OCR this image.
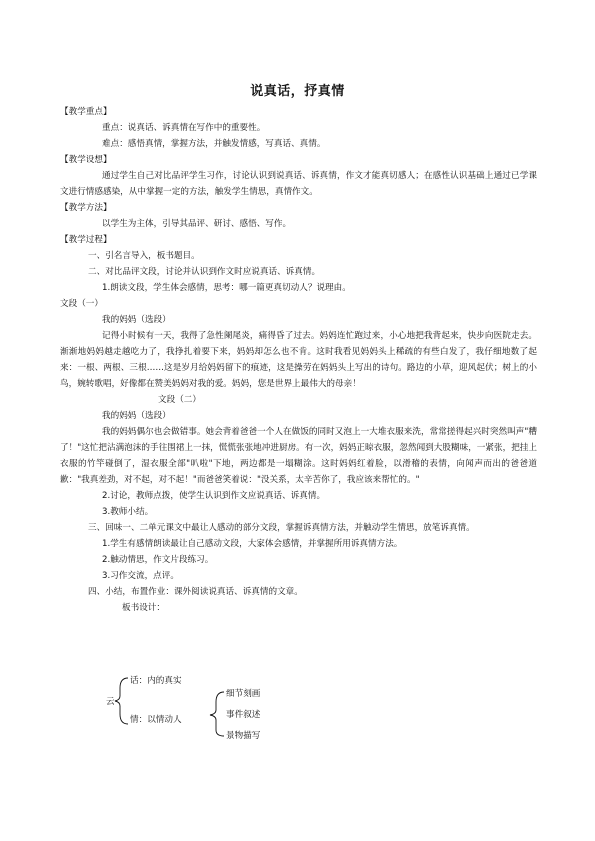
说真话，抒真情

【教学重点】

重点：说真话、诉真情在写作中的重要性。

难点：感悟真情，掌握方法，并触发情感，写真话、真情。

【教学设想】

通过学生自己对比品评学生习作，讨论认识到说真话、诉真情，作文才能真切感人；在感性认识基础上通过已学课文进行情感感染，从中掌握一定的方法，触发学生情思，真情作文。

【教学方法】

以学生为主体，引导其品评、研讨、感悟、写作。

【教学过程】

一、引名言导入，板书题目。

二、对比品评文段，讨论并认识到作文时应说真话、诉真情。

1.朗读文段，学生体会感情，思考：哪一篇更真切动人？说理由。

文段（一）

我的妈妈（选段）

记得小时候有一天，我得了急性阑尾炎，痛得昏了过去。妈妈连忙跑过来，小心地把我背起来，快步向医院走去。渐渐地妈妈越走越吃力了，我挣扎着要下来，妈妈却怎么也不肯。这时我看见妈妈头上稀疏的有些白发了，我仔细地数了起来：一根、两根、三根……这是岁月给妈妈留下的痕迹，这是操劳在妈妈头上写出的诗句。路边的小草，迎风起伏；树上的小鸟，婉转歌唱，好像都在赞美妈妈对我的爱。妈妈，您是世界上最伟大的母亲！

文段（二）

我的妈妈（选段）

我的妈妈偶尔也会做错事。她会背着爸爸一个人在做饭的同时又泡上一大堆衣服来洗，常常搓得起兴时突然叫声"糟了！"这忙把沾满泡沫的手往围裙上一抹，慌慌张张地冲进厨房。有一次，妈妈正晾衣服，忽然闻到大股糊味，一紧张，把挂上衣服的竹竿碰倒了，湿衣服全部"叭啦"下地，两边都是一塌糊涂。这时妈妈红着脸，以滑稽的表情，向闻声而出的爸爸道歉："我真差劲，对不起，对不起！"而爸爸笑着说："没关系，太辛苦你了，我应该来帮忙的。"

2.讨论，教师点拨，使学生认识到作文应说真话、诉真情。

3.教师小结。

三、回味一、二单元课文中最让人感动的部分文段，掌握诉真情方法，并触动学生情思，放笔诉真情。

1.学生有感情朗读最让自己感动文段，大家体会感情，并掌握所用诉真情方法。

2.触动情思，作文片段练习。

3.习作交流，点评。

四、小结，布置作业：课外阅读说真话、诉真情的文章。

板书设计：

云
话：内的真实
情：以情动人
细节刻画
事件叙述
景物描写
